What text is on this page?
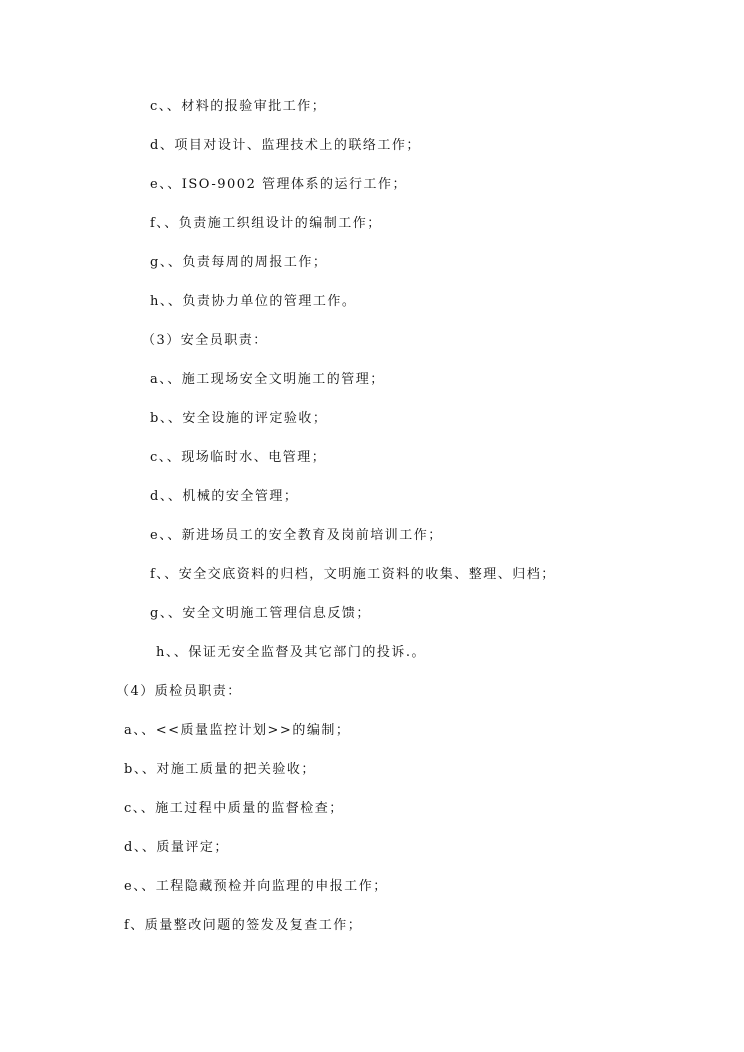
c、、材料的报验审批工作；
d、项目对设计、监理技术上的联络工作；
e、、ISO-9002 管理体系的运行工作；
f、、负责施工织组设计的编制工作；
g、、负责每周的周报工作；
h、、负责协力单位的管理工作。
（3）安全员职责：
a、、施工现场安全文明施工的管理；
b、、安全设施的评定验收；
c、、现场临时水、电管理；
d、、机械的安全管理；
e、、新进场员工的安全教育及岗前培训工作；
f、、安全交底资料的归档，文明施工资料的收集、整理、归档；
g、、安全文明施工管理信息反馈；
h、、保证无安全监督及其它部门的投诉.。
（4）质检员职责：
a、、<<质量监控计划>>的编制；
b、、对施工质量的把关验收；
c、、施工过程中质量的监督检查；
d、、质量评定；
e、、工程隐藏预检并向监理的申报工作；
f、质量整改问题的签发及复查工作；
